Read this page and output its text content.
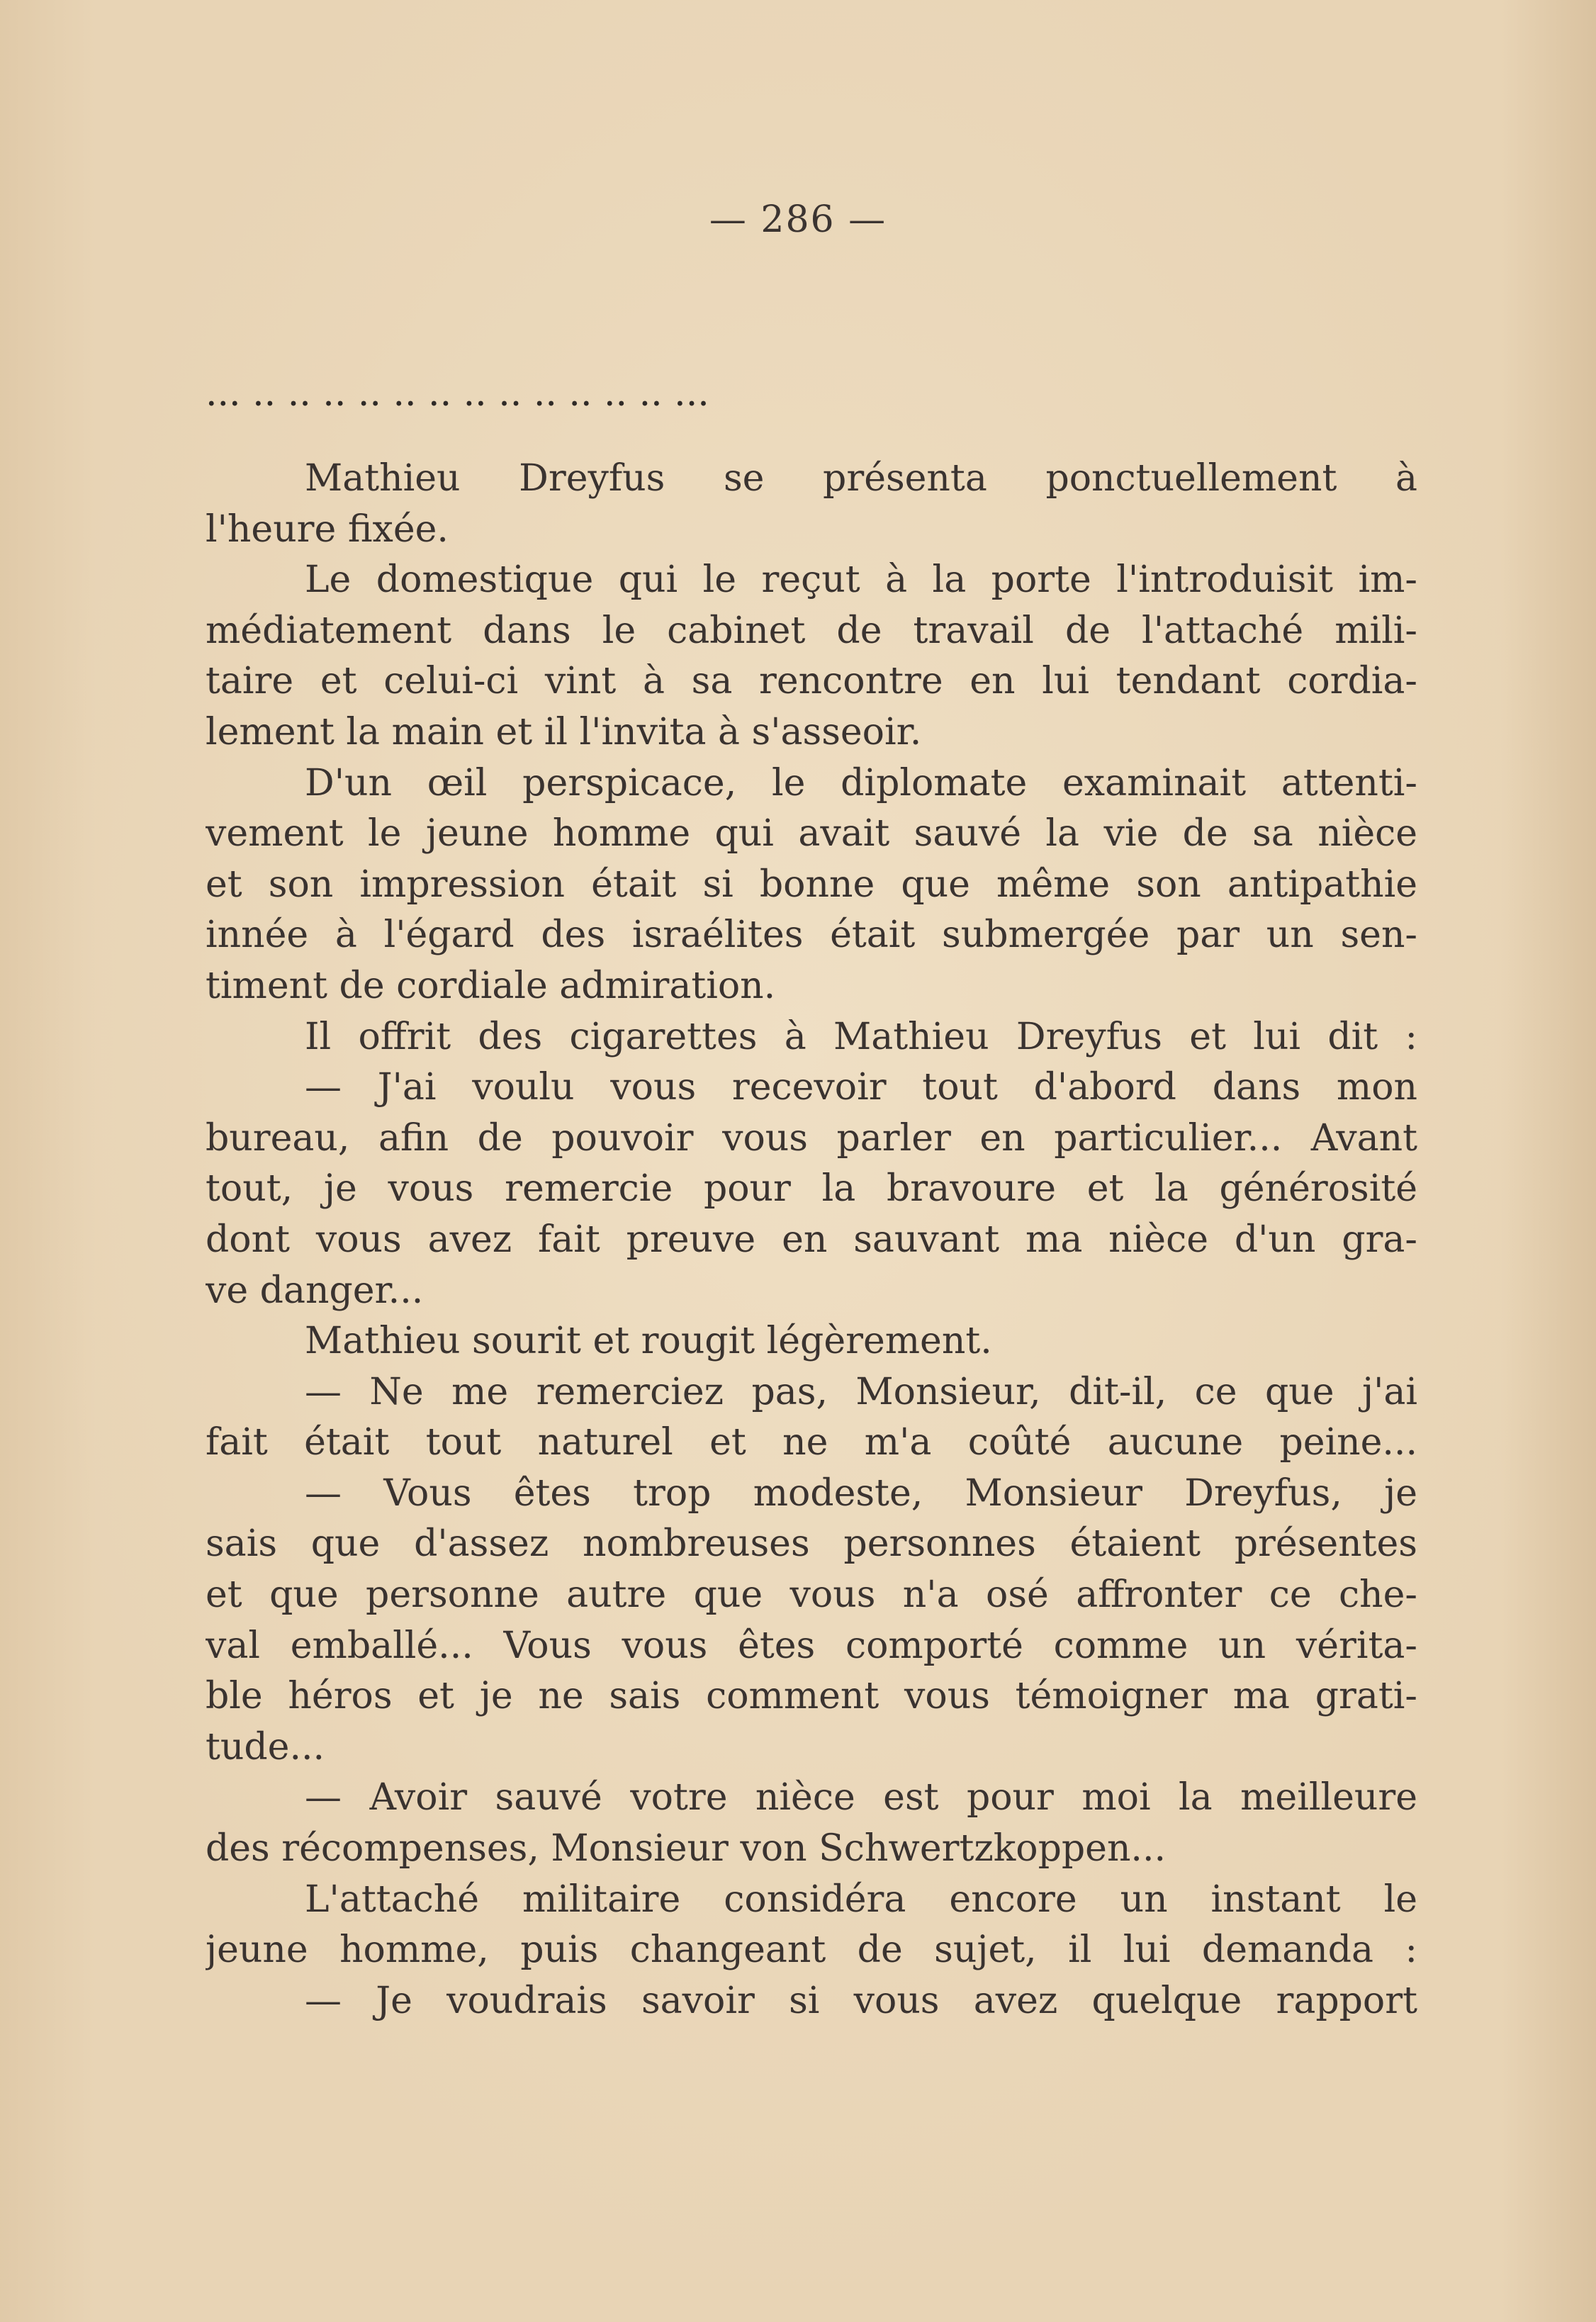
— 286 —
... .. .. .. .. .. .. .. .. .. .. .. .. ...
Mathieu Dreyfus se présenta ponctuellement à
l'heure fixée.
Le domestique qui le reçut à la porte l'introduisit im-
médiatement dans le cabinet de travail de l'attaché mili-
taire et celui-ci vint à sa rencontre en lui tendant cordia-
lement la main et il l'invita à s'asseoir.
D'un œil perspicace, le diplomate examinait attenti-
vement le jeune homme qui avait sauvé la vie de sa nièce
et son impression était si bonne que même son antipathie
innée à l'égard des israélites était submergée par un sen-
timent de cordiale admiration.
Il offrit des cigarettes à Mathieu Dreyfus et lui dit :
— J'ai voulu vous recevoir tout d'abord dans mon
bureau, afin de pouvoir vous parler en particulier... Avant
tout, je vous remercie pour la bravoure et la générosité
dont vous avez fait preuve en sauvant ma nièce d'un gra-
ve danger...
Mathieu sourit et rougit légèrement.
— Ne me remerciez pas, Monsieur, dit-il, ce que j'ai
fait était tout naturel et ne m'a coûté aucune peine...
— Vous êtes trop modeste, Monsieur Dreyfus, je
sais que d'assez nombreuses personnes étaient présentes
et que personne autre que vous n'a osé affronter ce che-
val emballé... Vous vous êtes comporté comme un vérita-
ble héros et je ne sais comment vous témoigner ma grati-
tude...
— Avoir sauvé votre nièce est pour moi la meilleure
des récompenses, Monsieur von Schwertzkoppen...
L'attaché militaire considéra encore un instant le
jeune homme, puis changeant de sujet, il lui demanda :
— Je voudrais savoir si vous avez quelque rapport
